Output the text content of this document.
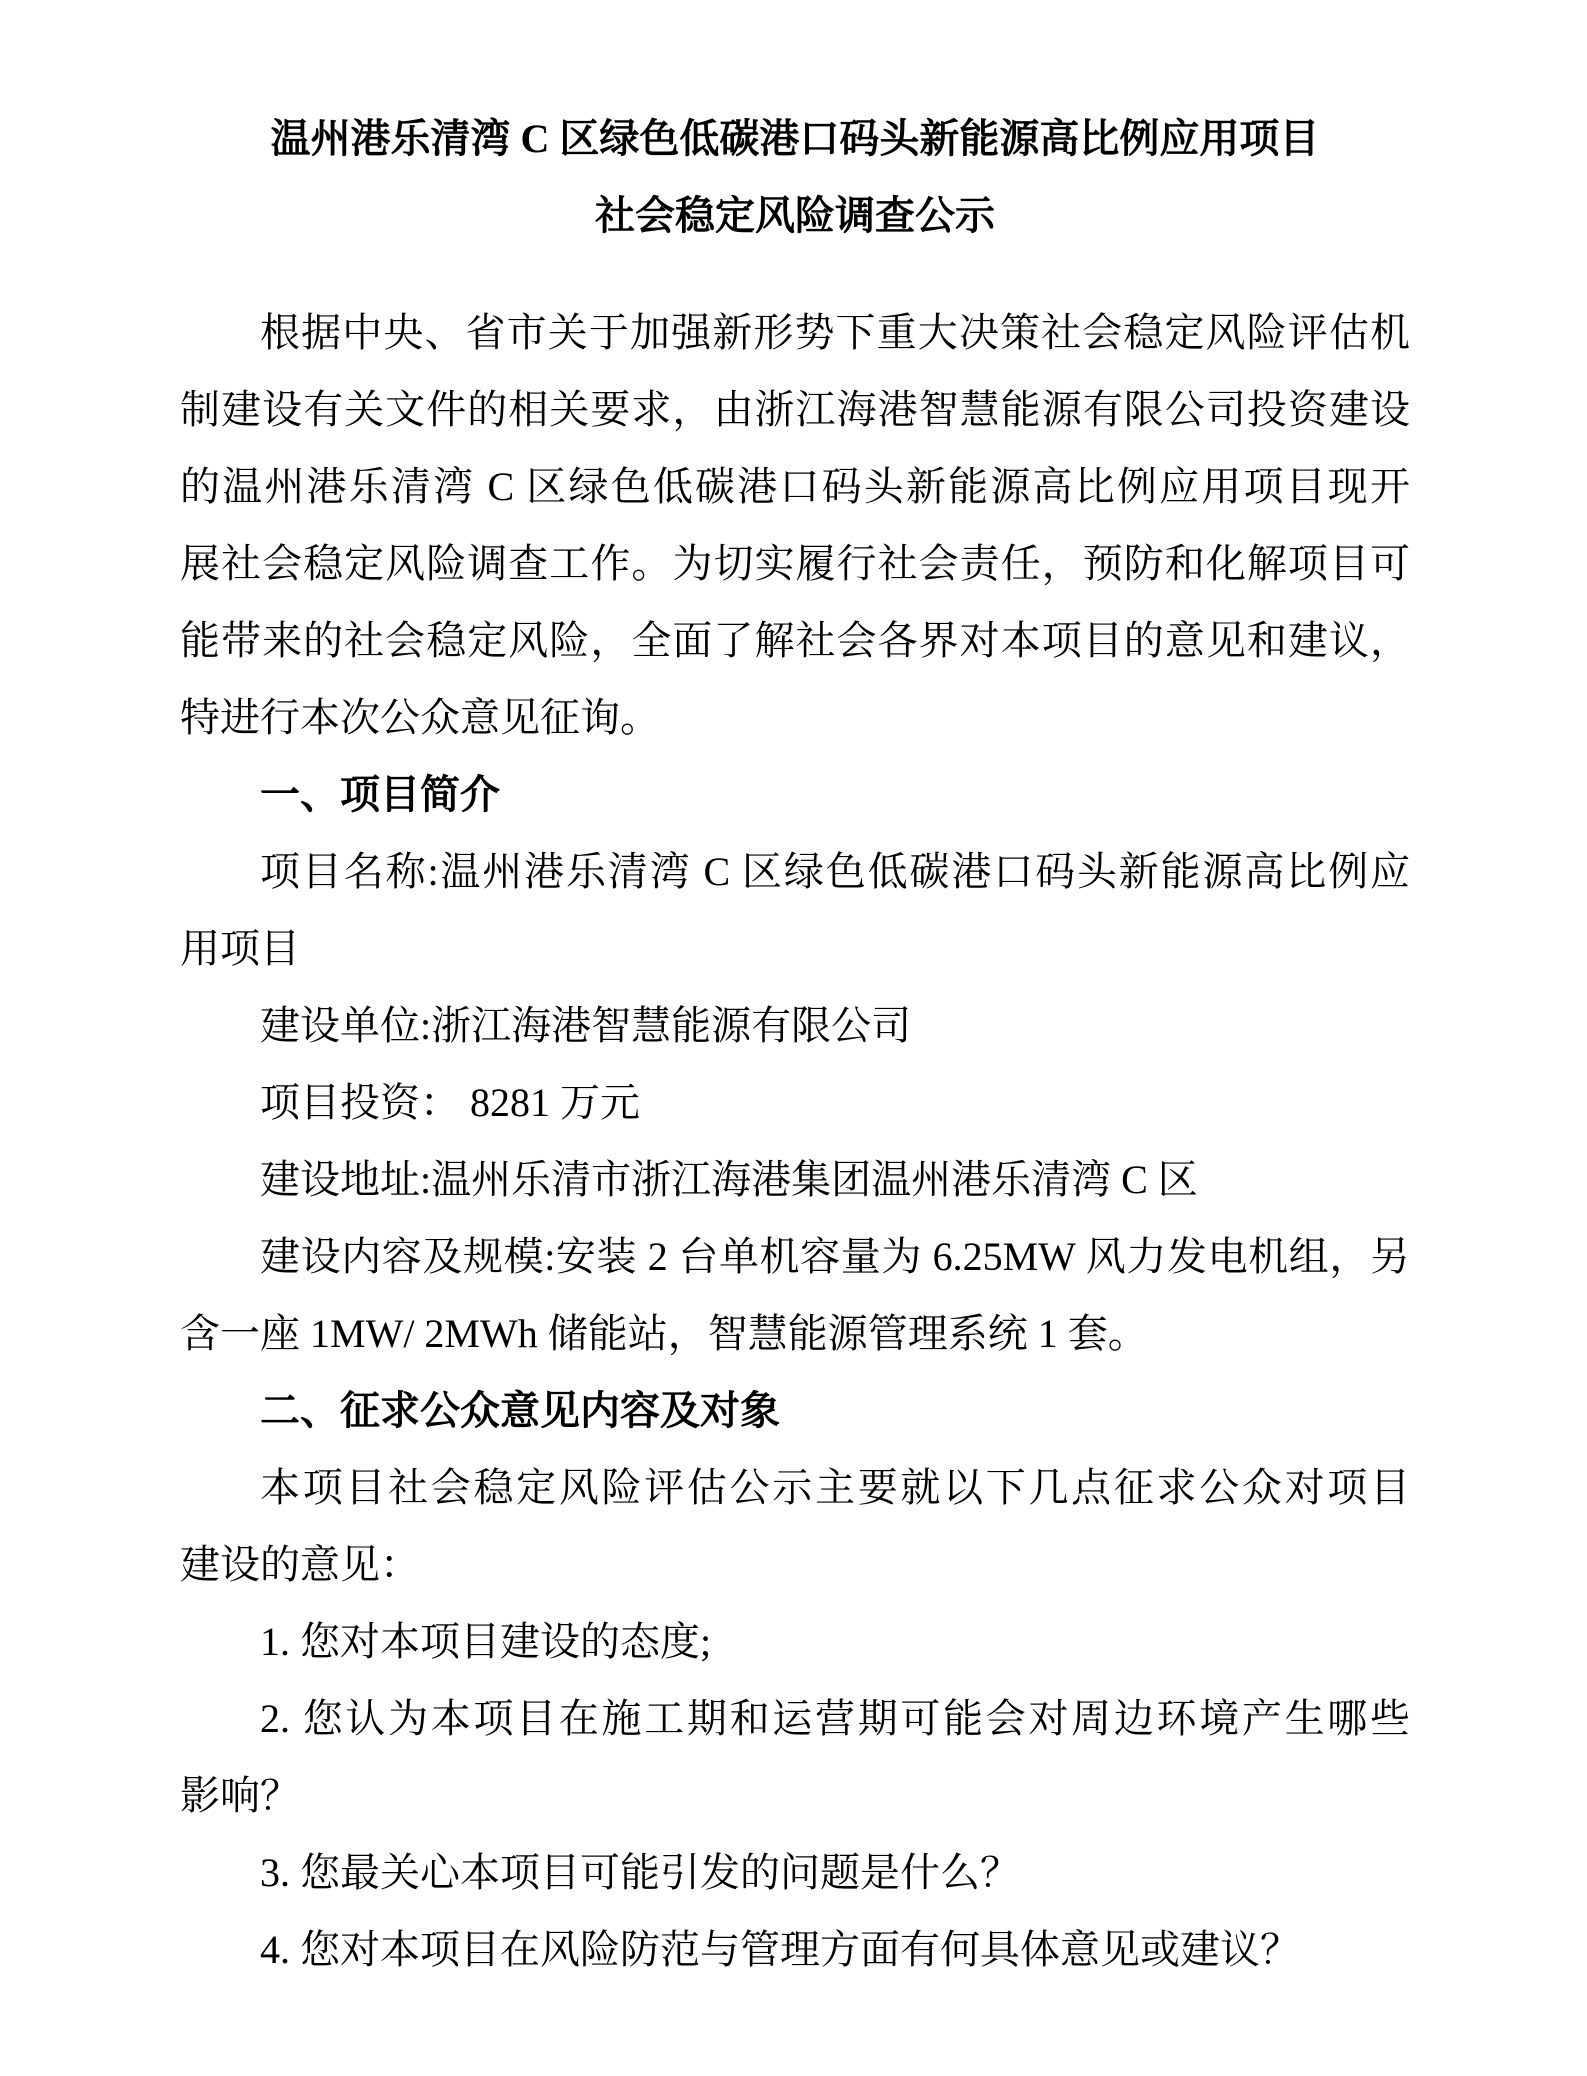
温州港乐清湾 C 区绿色低碳港口码头新能源高比例应用项目
社会稳定风险调查公示
根据中央、省市关于加强新形势下重大决策社会稳定风险评估机
制建设有关文件的相关要求，由浙江海港智慧能源有限公司投资建设
的温州港乐清湾 C 区绿色低碳港口码头新能源高比例应用项目现开
展社会稳定风险调查工作。为切实履行社会责任，预防和化解项目可
能带来的社会稳定风险，全面了解社会各界对本项目的意见和建议，
特进行本次公众意见征询。
一、项目简介
项目名称:温州港乐清湾 C 区绿色低碳港口码头新能源高比例应
用项目
建设单位:浙江海港智慧能源有限公司
项目投资： 8281 万元
建设地址:温州乐清市浙江海港集团温州港乐清湾 C 区
建设内容及规模:安装 2 台单机容量为 6.25MW 风力发电机组，另
含一座 1MW/ 2MWh 储能站，智慧能源管理系统 1 套。
二、征求公众意见内容及对象
本项目社会稳定风险评估公示主要就以下几点征求公众对项目
建设的意见：
1. 您对本项目建设的态度;
2. 您认为本项目在施工期和运营期可能会对周边环境产生哪些
影响？
3. 您最关心本项目可能引发的问题是什么？
4. 您对本项目在风险防范与管理方面有何具体意见或建议？
